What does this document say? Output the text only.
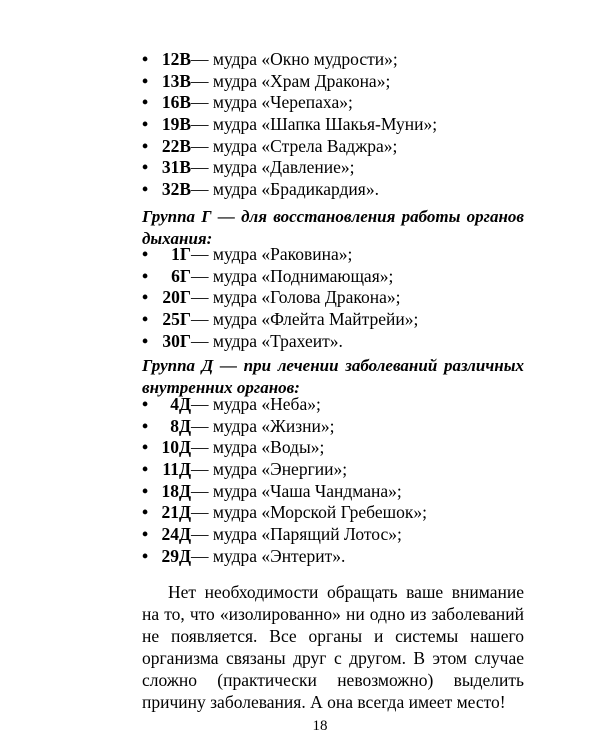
• 12В — мудра «Окно мудрости»;
• 13В — мудра «Храм Дракона»;
• 16В — мудра «Черепаха»;
• 19В — мудра «Шапка Шакья-Муни»;
• 22В — мудра «Стрела Ваджра»;
• 31В — мудра «Давление»;
• 32В — мудра «Брадикардия».
Группа Г — для восстановления работы органов дыхания:
• 1Г — мудра «Раковина»;
• 6Г — мудра «Поднимающая»;
• 20Г — мудра «Голова Дракона»;
• 25Г — мудра «Флейта Майтрейи»;
• 30Г — мудра «Трахеит».
Группа Д — при лечении заболеваний различных внутренних органов:
• 4Д — мудра «Неба»;
• 8Д — мудра «Жизни»;
• 10Д — мудра «Воды»;
• 11Д — мудра «Энергии»;
• 18Д — мудра «Чаша Чандмана»;
• 21Д — мудра «Морской Гребешок»;
• 24Д — мудра «Парящий Лотос»;
• 29Д — мудра «Энтерит».

Нет необходимости обращать ваше внимание на то, что «изолированно» ни одно из заболеваний не появляется. Все органы и системы нашего организма связаны друг с другом. В этом случае сложно (практически невозможно) выделить причину заболевания. А она всегда имеет место!

18
